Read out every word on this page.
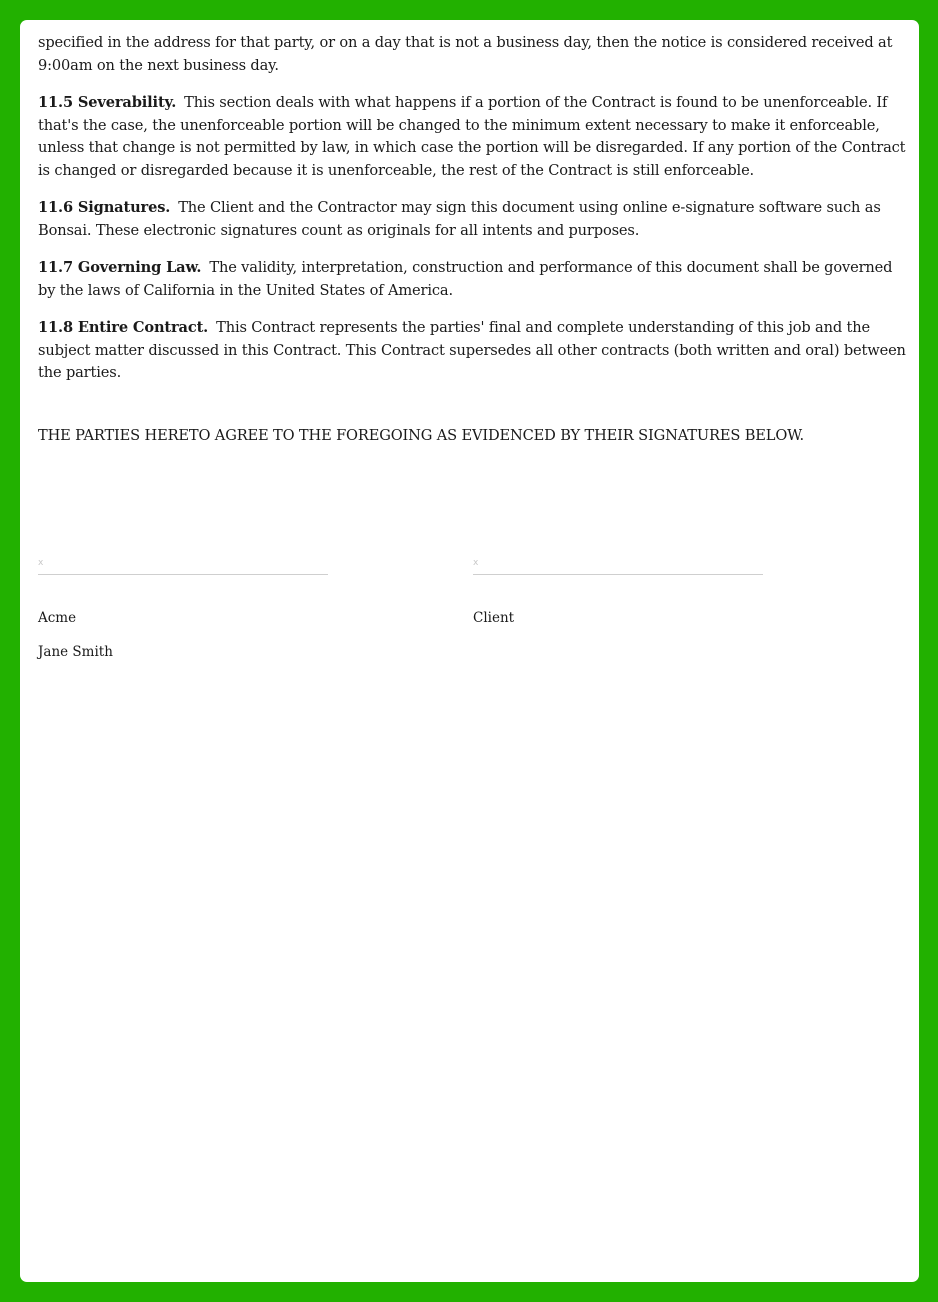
specified in the address for that party, or on a day that is not a business day, then the notice is considered received at 9:00am on the next business day.

11.5 Severability. This section deals with what happens if a portion of the Contract is found to be unenforceable. If that's the case, the unenforceable portion will be changed to the minimum extent necessary to make it enforceable, unless that change is not permitted by law, in which case the portion will be disregarded. If any portion of the Contract is changed or disregarded because it is unenforceable, the rest of the Contract is still enforceable.

11.6 Signatures. The Client and the Contractor may sign this document using online e-signature software such as Bonsai. These electronic signatures count as originals for all intents and purposes.

11.7 Governing Law. The validity, interpretation, construction and performance of this document shall be governed by the laws of California in the United States of America.

11.8 Entire Contract. This Contract represents the parties' final and complete understanding of this job and the subject matter discussed in this Contract. This Contract supersedes all other contracts (both written and oral) between the parties.

THE PARTIES HERETO AGREE TO THE FOREGOING AS EVIDENCED BY THEIR SIGNATURES BELOW.

x
Acme
Jane Smith
x
Client
